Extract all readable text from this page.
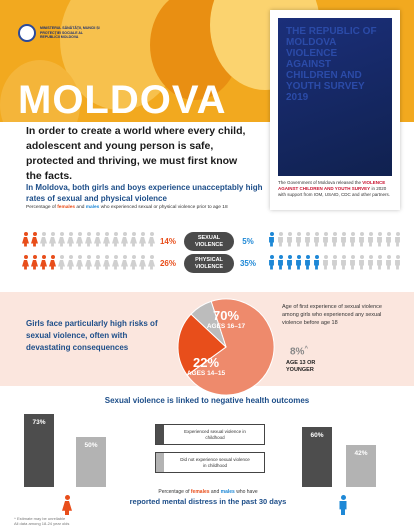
MINISTERUL SĂNĂTĂȚII, MUNCII ȘI PROTECȚIEI SOCIALE AL REPUBLICII MOLDOVA
MOLDOVA
THE REPUBLIC OF MOLDOVA VIOLENCE AGAINST CHILDREN AND YOUTH SURVEY 2019
The Government of Moldova released the VIOLENCE AGAINST CHILDREN AND YOUTH SURVEY in 2020 with support from IOM, USAID, CDC and other partners.
In order to create a world where every child, adolescent and young person is safe, protected and thriving, we must first know the facts.
In Moldova, both girls and boys experience unacceptably high rates of sexual and physical violence
Percentage of females and males who experienced sexual or physical violence prior to age 18
14%	SEXUAL VIOLENCE	5%
26%	PHYSICAL VIOLENCE	35%
Girls face particularly high risks of sexual violence, often with devastating consequences
Age of first experience of sexual violence among girls who experienced any sexual violence before age 18
70%
AGES 16–17
22%
AGES 14–15
8%^
AGE 13 OR YOUNGER
Sexual violence is linked to negative health outcomes
73%
50%
60%
42%
Experienced sexual violence in childhood
Did not experience sexual violence in childhood
Percentage of females and males who have
reported mental distress in the past 30 days
^ Estimate may be unreliable
All data among 18-24 year olds
